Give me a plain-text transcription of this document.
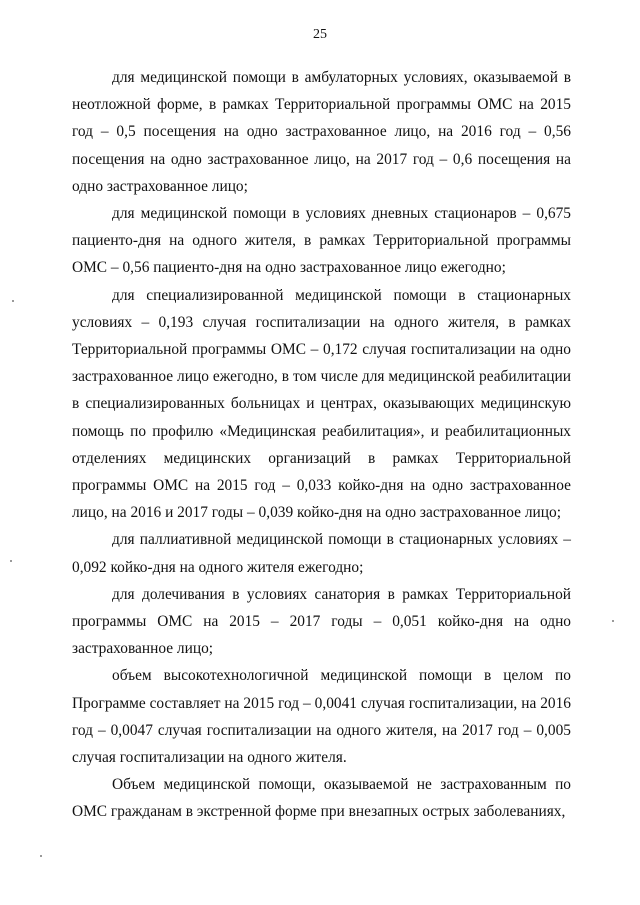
25

для медицинской помощи в амбулаторных условиях, оказываемой в неотложной форме, в рамках Территориальной программы ОМС на 2015 год – 0,5 посещения на одно застрахованное лицо, на 2016 год – 0,56 посещения на одно застрахованное лицо, на 2017 год – 0,6 посещения на одно застрахованное лицо;

для медицинской помощи в условиях дневных стационаров – 0,675 пациенто-дня на одного жителя, в рамках Территориальной программы ОМС – 0,56 пациенто-дня на одно застрахованное лицо ежегодно;

для специализированной медицинской помощи в стационарных условиях – 0,193 случая госпитализации на одного жителя, в рамках Территориальной программы ОМС – 0,172 случая госпитализации на одно застрахованное лицо ежегодно, в том числе для медицинской реабилитации в специализированных больницах и центрах, оказывающих медицинскую помощь по профилю «Медицинская реабилитация», и реабилитационных отделениях медицинских организаций в рамках Территориальной программы ОМС на 2015 год – 0,033 койко-дня на одно застрахованное лицо, на 2016 и 2017 годы – 0,039 койко-дня на одно застрахованное лицо;

для паллиативной медицинской помощи в стационарных условиях – 0,092 койко-дня на одного жителя ежегодно;

для долечивания в условиях санатория в рамках Территориальной программы ОМС на 2015 – 2017 годы – 0,051 койко-дня на одно застрахованное лицо;

объем высокотехнологичной медицинской помощи в целом по Программе составляет на 2015 год – 0,0041 случая госпитализации, на 2016 год – 0,0047 случая госпитализации на одного жителя, на 2017 год – 0,005 случая госпитализации на одного жителя.

Объем медицинской помощи, оказываемой не застрахованным по ОМС гражданам в экстренной форме при внезапных острых заболеваниях,
